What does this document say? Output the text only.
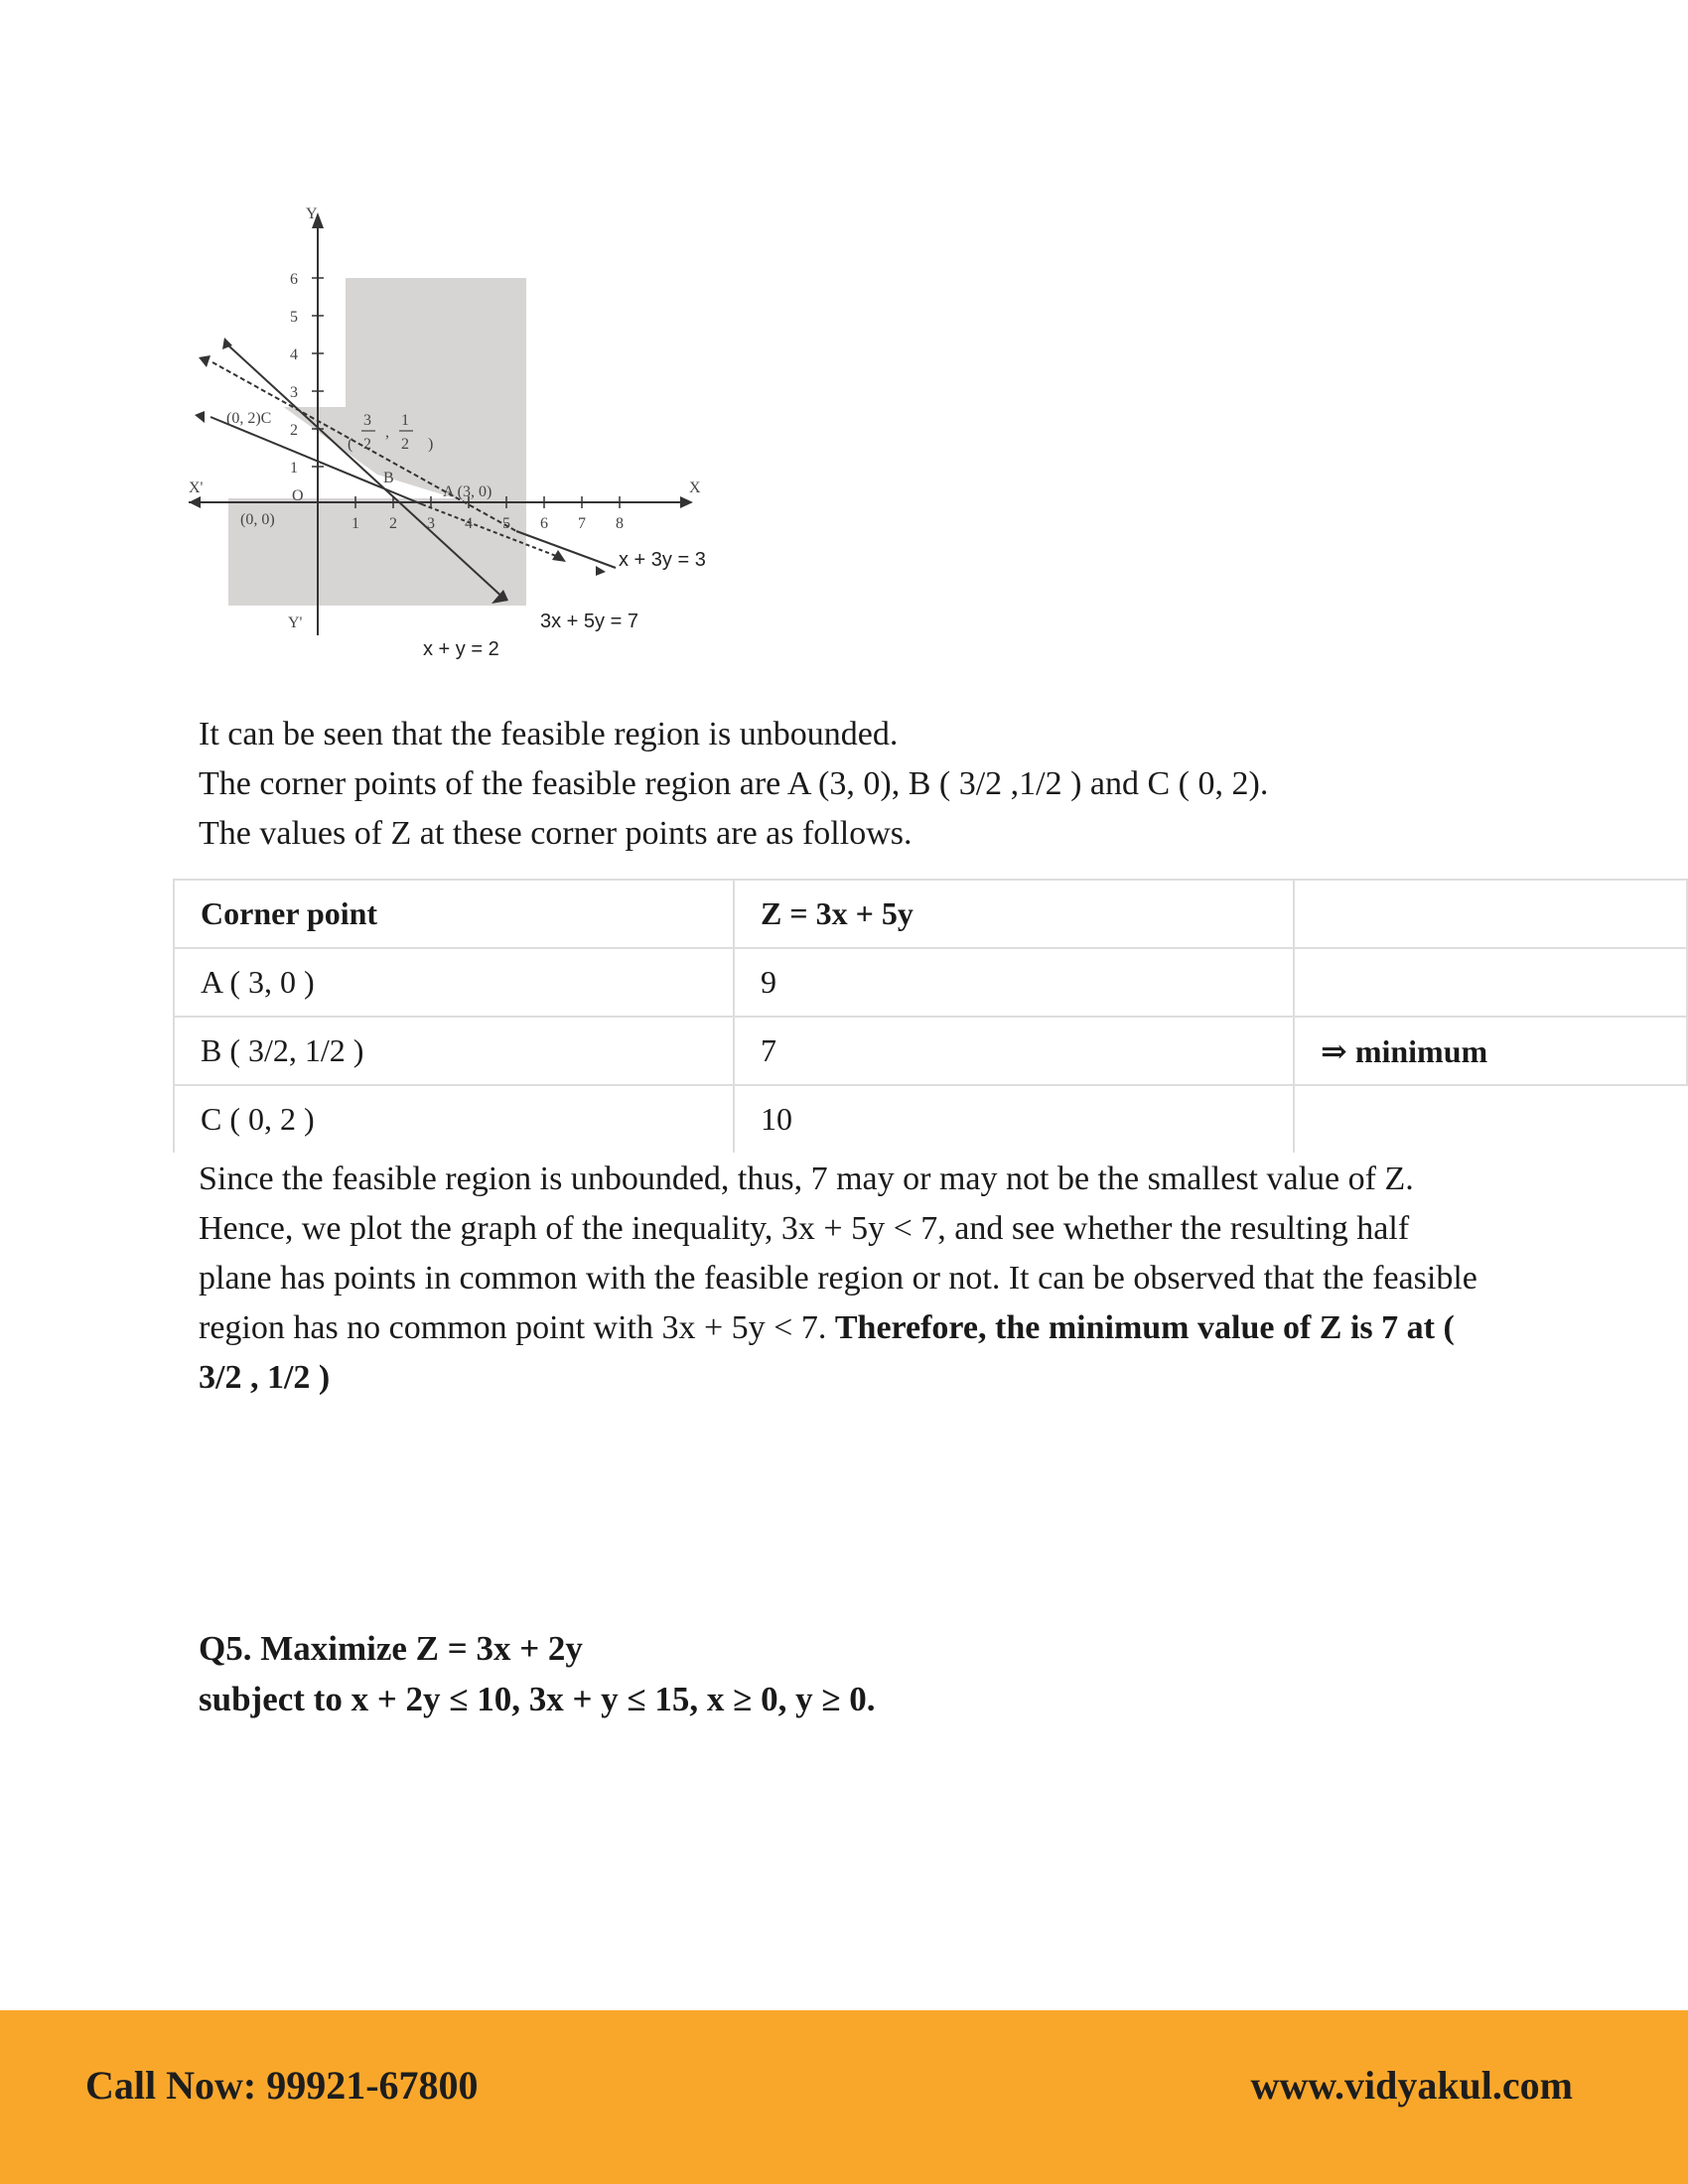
6
5
4
3
2
1
1 2 3 4 5 6 7 8
Y
Y'
X'	X
O
(0, 0)
(0, 2)C
B
A (3, 0)
(	)
3
2
,
1
2
x + 3y = 3
3x + 5y = 7
x + y = 2

It can be seen that the feasible region is unbounded.

The corner points of the feasible region are A (3, 0), B ( 3/2 ,1/2 ) and C ( 0, 2).

The values of Z at these corner points are as follows.

Corner point	Z = 3x + 5y	
A ( 3, 0 )	9	
B ( 3/2, 1/2 )	7	⇒ minimum
C ( 0, 2 )	10	

Since the feasible region is unbounded, thus, 7 may or may not be the smallest value of Z.

Hence, we plot the graph of the inequality, 3x + 5y < 7, and see whether the resulting half plane has points in common with the feasible region or not. It can be observed that the feasible region has no common point with 3x + 5y < 7. Therefore, the minimum value of Z is 7 at ( 3/2 , 1/2 )

Q5. Maximize Z = 3x + 2y

subject to x + 2y ≤ 10, 3x + y ≤ 15, x ≥ 0, y ≥ 0.

Call Now: 99921-67800	www.vidyakul.com
